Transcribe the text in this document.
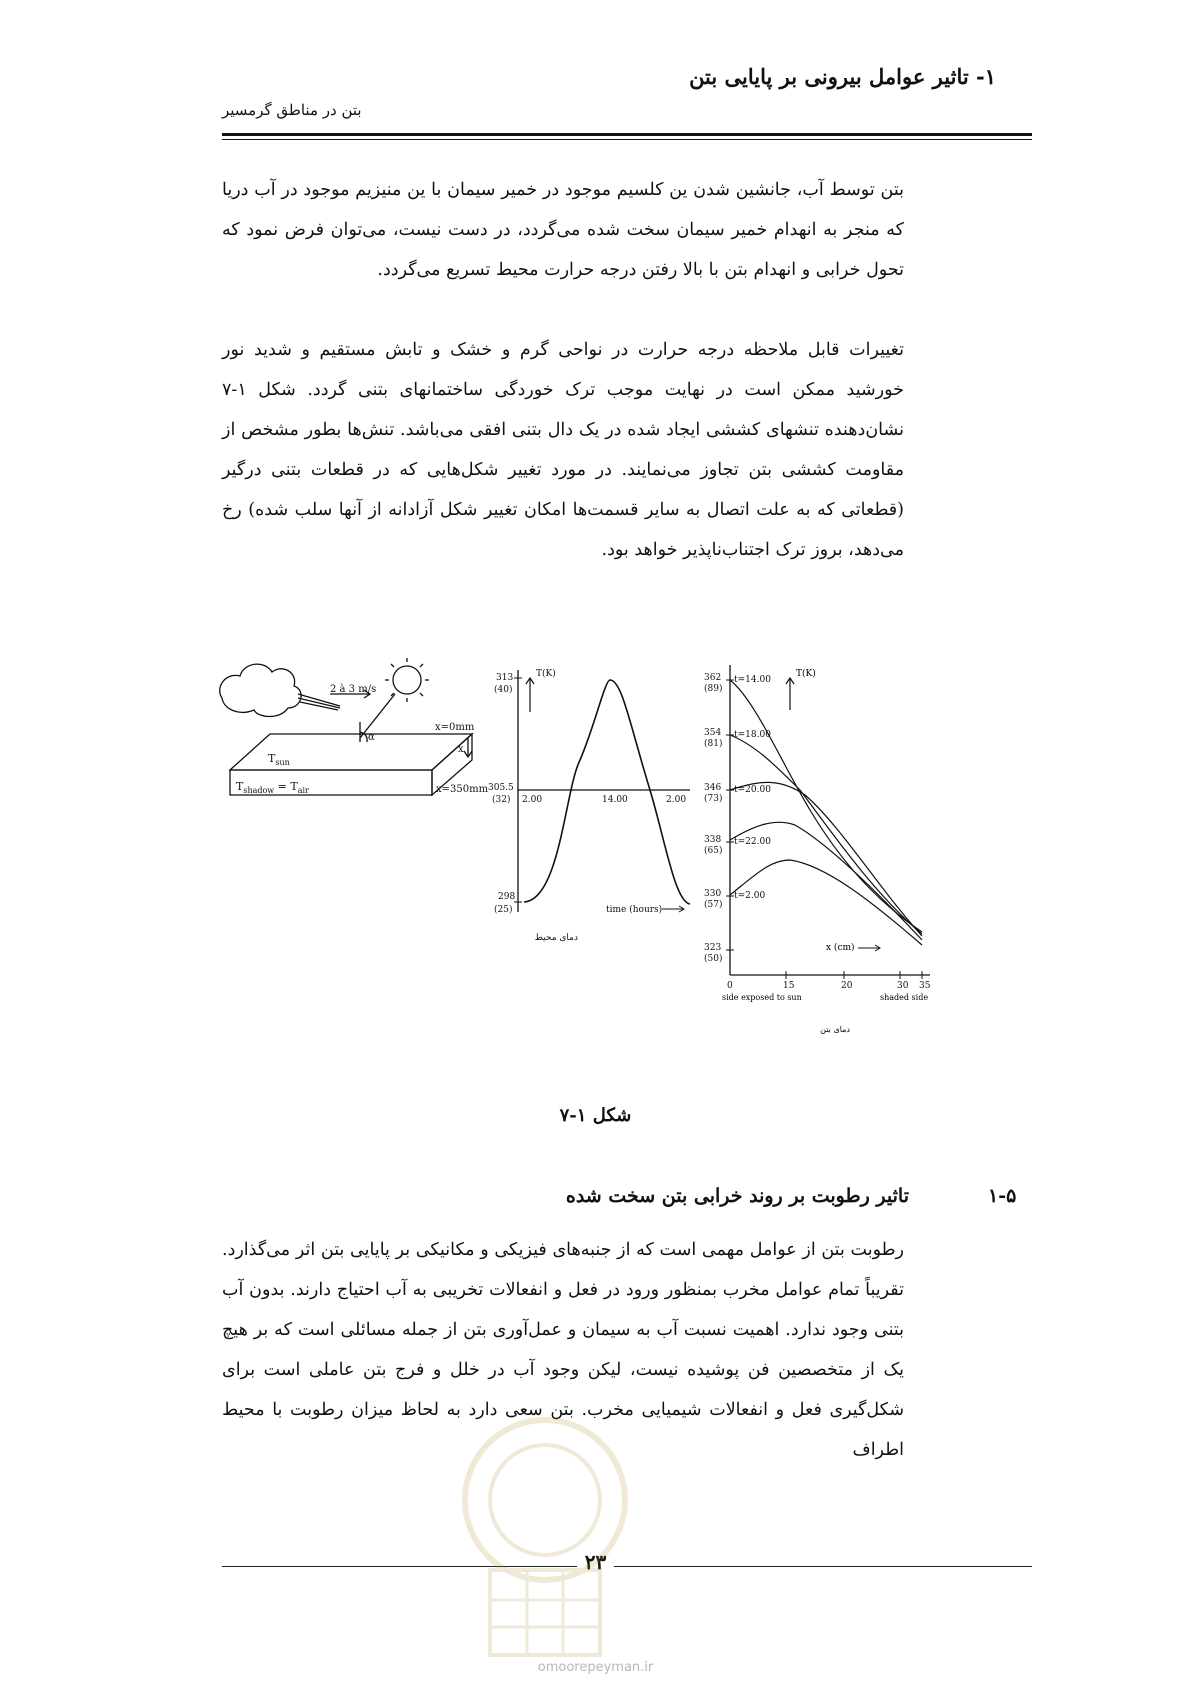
۱- تاثیر عوامل بیرونی بر پایایی بتن
بتن در مناطق گرمسیر

بتن توسط آب، جانشین شدن ین کلسیم موجود در خمیر سیمان با ین منیزیم موجود در آب دریا که منجر به انهدام خمیر سیمان سخت شده می‌گردد، در دست نیست، می‌توان فرض نمود که تحول خرابی و انهدام بتن با بالا رفتن درجه حرارت محیط تسریع می‌گردد.

تغییرات قابل ملاحظه درجه حرارت در نواحی گرم و خشک و تابش مستقیم و شدید نور خورشید ممکن است در نهایت موجب ترک خوردگی ساختمانهای بتنی گردد. شکل ۱-۷ نشان‌دهنده تنشهای کششی ایجاد شده در یک دال بتنی افقی می‌باشد. تنش‌ها بطور مشخص از مقاومت کششی بتن تجاوز می‌نمایند. در مورد تغییر شکل‌هایی که در قطعات بتنی درگیر (قطعاتی که به علت اتصال به سایر قسمت‌ها امکان تغییر شکل آزادانه از آنها سلب شده) رخ می‌دهد، بروز ترک اجتناب‌ناپذیر خواهد بود.

2 à 3 m/s
x=0mm
x=350mm
x
α
$T_{sun}$
$T_{shadow} = T_{air}$
T(K)
313
(40)
305.5
(32)
298
(25)
2.00	14.00	2.00
time (hours)
دمای محیط
362
(89)
t=14.00
354
(81)
t=18.00
346
(73)
t=20.00
338
(65)
t=22.00
330
(57)
t=2.00
323
(50)
0	15	20	30 35
T(K)
x (cm)
side exposed to sun	shaded side
دمای بتن
شکل ۱-۷
۱-۵
تاثیر رطوبت بر روند خرابی بتن سخت شده

رطوبت بتن از عوامل مهمی است که از جنبه‌های فیزیکی و مکانیکی بر پایایی بتن اثر می‌گذارد. تقریباً تمام عوامل مخرب بمنظور ورود در فعل و انفعالات تخریبی به آب احتیاج دارند. بدون آب بتنی وجود ندارد. اهمیت نسبت آب به سیمان و عمل‌آوری بتن از جمله مسائلی است که بر هیچ یک از متخصصین فن پوشیده نیست، لیکن وجود آب در خلل و فرج بتن عاملی است برای شکل‌گیری فعل و انفعالات شیمیایی مخرب. بتن سعی دارد به لحاظ میزان رطوبت با محیط اطراف

۲۳
omoorepeyman.ir
